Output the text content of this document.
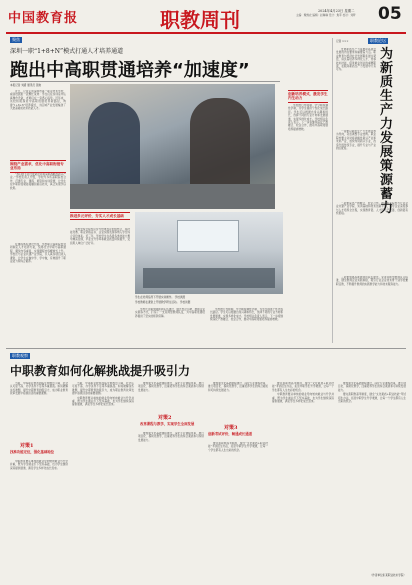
中国教育报	职教周刊	2024年4月23日 星期二
主编：鲍效农 编辑：赵琳琳 设计：焦苹 校对：刘梦	05
聚焦
深圳一职“1+8+N”模式打通人才培养通道
跑出中高职贯通培养“加速度”
本报记者 刘盾 通讯员 张晓

近日，记者走进深圳市第一职业技术学校，看到校园里一派繁忙景象：学生们在实训室中认真操作设备，老师们在一旁悉心指导。近年来，该校积极探索中高职贯通培养新路径，构建“1+8+N”培养模式，为区域产业发展输送了大批高素质技术技能人才。

围绕产业需求，优化中高职衔接专业布局

“我们的专业设置紧密对接深圳战略性新兴产业。”学校负责人介绍，学校与多所高职院校合作，打通专业、课程、师资和实训资源，让学生在中职阶段就能接触到前沿技术，真正实现学以致用。

在课程体系建设方面，学校联合高职院校共同制定人才培养方案，统筹设计中职与高职课程，避免内容重复，实现课程内容螺旋式上升。学校还与企业共建产业学院，引入真实项目进入课堂，让学生在做中学、学中做，有效提升了职业能力和综合素养。

推进多元评价，夯实人才成长基础

学校坚持过程性评价与结果性评价相结合，将技能竞赛、职业资格证书、企业实践表现等纳入学生综合评价体系。近三年，学校学生在各级各类技能大赛中屡获佳绩，毕业生升学率和就业质量持续提升，受到用人单位广泛好评。

学生在老师指导下开展实训操作。 学校供图
学校教师在课堂上开展教学研讨活动。 学校供图

学校还注重加强师资队伍建设，通过校企互聘、教师企业实践等方式，打造了一支双师型教师队伍，为中高职贯通培养提供了坚实的师资保障。

学校推行导师制、学分制和弹性学制，为学生提供个性化成长路径。学生可以根据自身兴趣和特长，选择不同的专业方向和发展通道，实现多样化成才。学校相关负责人表示，下一步将继续深化产教融合、校企合作，推动中高职贯通培养提质增效。

创新培养模式，激发学生内生动力

学校推行导师制、学分制和弹性学制，为学生提供个性化成长路径。学生可以根据自身兴趣和特长，选择不同的专业方向和发展通道，实现多样化成才。学校相关负责人表示，下一步将继续深化产教融合、校企合作，推动中高职贯通培养提质增效。

职教论坛
为新质生产力发展策源蓄力
记者 ×××

发展新质生产力是推动高质量发展的内在要求和重要着力点。职业教育与经济社会发展联系最为紧密，肩负着培养多样化人才、传承技术技能、促进就业创业的重要职责，在服务新质生产力发展中大有可为。

一是要以新质生产力发展需求为导向，动态调整专业结构。职业院校要主动对接战略性新兴产业和未来产业，加快布局新兴专业，改造升级传统专业，提升专业与产业的匹配度。

二是要深化产教融合、校企合作。推动职业院校与行业企业共建产业学院、实训基地和技术创新平台，引导企业深度参与人才培养全过程，实现教育链、人才链与产业链、创新链有机衔接。

三是要加强高素质师资队伍建设。完善双师型教师认定标准，健全教师企业实践制度，吸引行业企业技术骨干到学校兼职任教，不断提升教师的实践教学能力和技术服务能力。

职教观察
中职教育如何化解挑战提升吸引力

当前，中等职业教育面临生源数量下降、社会认可度不高、办学条件不足等多重挑战。如何破解这些难题，提升中职教育的吸引力，成为职业教育改革发展中亟须回答的重要课题。

对策1
找准功能定位，强化基础地位

中职教育要从单纯的就业导向转向就业与升学并重，既为学生就业打下坚实基础，也为学生继续深造提供通道，满足学生多样化成长需求。

当前，中等职业教育面临生源数量下降、社会认可度不高、办学条件不足等多重挑战。如何破解这些难题，提升中职教育的吸引力，成为职业教育改革发展中亟须回答的重要课题。

中职教育要从单纯的就业导向转向就业与升学并重，既为学生就业打下坚实基础，也为学生继续深造提供通道，满足学生多样化成长需求。

要加强文化基础课程建设，深化专业课程改革，推行项目化、模块化教学，注重培养学生的综合素质和可持续发展能力。

对策2
改革课程与教学，实现学生全面发展

要加强文化基础课程建设，深化专业课程改革，推行项目化、模块化教学，注重培养学生的综合素质和可持续发展能力。

要加强文化基础课程建设，深化专业课程改革，推行项目化、模块化教学，注重培养学生的综合素质和可持续发展能力。

对策3
创新考试评价，畅通成长通道

要完善职教高考制度，健全“文化素质+职业技能”考试招生办法，拓宽中职学生升学渠道，让每一个学生都有人生出彩的机会。

要完善职教高考制度，健全“文化素质+职业技能”考试招生办法，拓宽中职学生升学渠道，让每一个学生都有人生出彩的机会。

中职教育要从单纯的就业导向转向就业与升学并重，既为学生就业打下坚实基础，也为学生继续深造提供通道，满足学生多样化成长需求。

要加强文化基础课程建设，深化专业课程改革，推行项目化、模块化教学，注重培养学生的综合素质和可持续发展能力。

要完善职教高考制度，健全“文化素质+职业技能”考试招生办法，拓宽中职学生升学渠道，让每一个学生都有人生出彩的机会。

（作者单位系某职业技术学院）
